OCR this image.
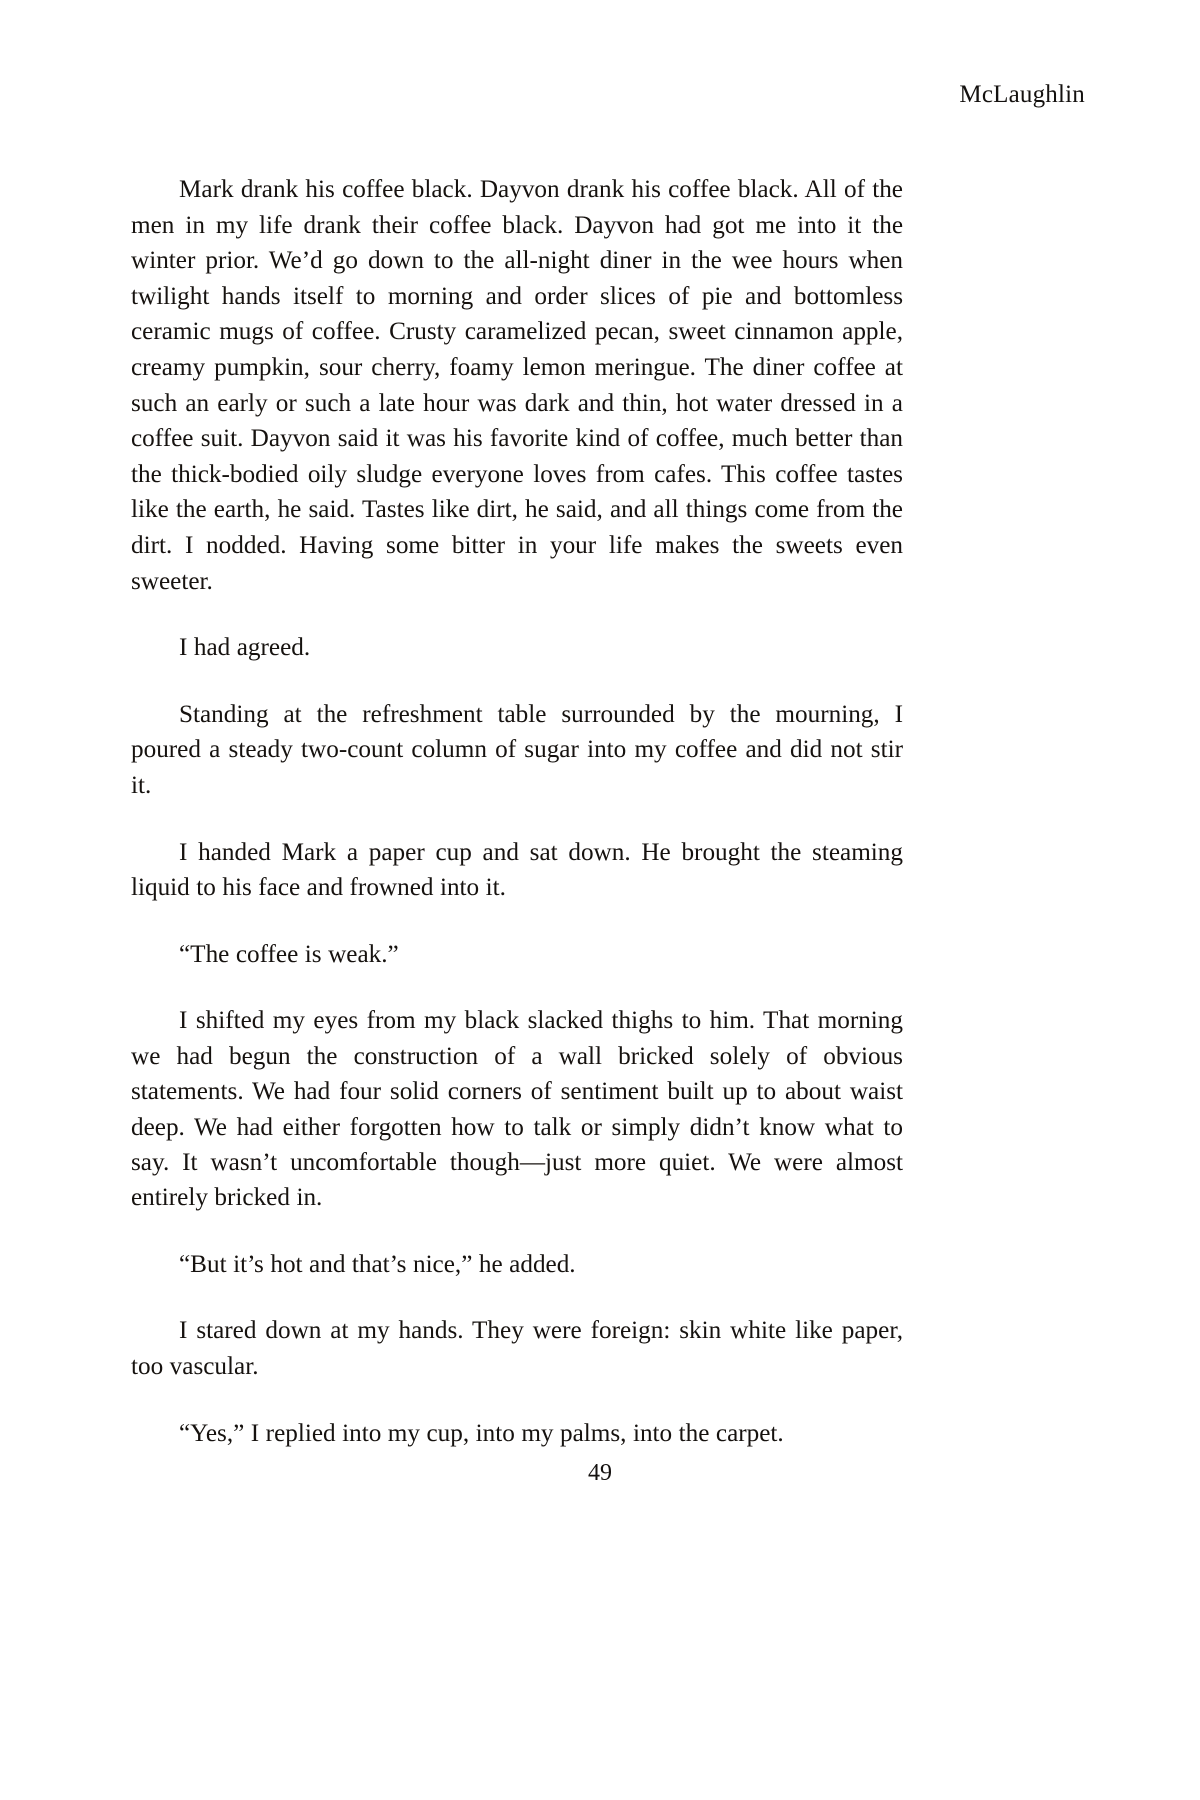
McLaughlin

Mark drank his coffee black. Dayvon drank his coffee black. All of the men in my life drank their coffee black. Dayvon had got me into it the winter prior. We’d go down to the all-night diner in the wee hours when twilight hands itself to morning and order slices of pie and bottomless ceramic mugs of coffee. Crusty caramelized pecan, sweet cinnamon apple, creamy pumpkin, sour cherry, foamy lemon meringue. The diner coffee at such an early or such a late hour was dark and thin, hot water dressed in a coffee suit. Dayvon said it was his favorite kind of coffee, much better than the thick-bodied oily sludge everyone loves from cafes. This coffee tastes like the earth, he said. Tastes like dirt, he said, and all things come from the dirt. I nodded. Having some bitter in your life makes the sweets even sweeter.

I had agreed.

Standing at the refreshment table surrounded by the mourning, I poured a steady two-count column of sugar into my coffee and did not stir it.

I handed Mark a paper cup and sat down. He brought the steaming liquid to his face and frowned into it.

“The coffee is weak.”

I shifted my eyes from my black slacked thighs to him. That morning we had begun the construction of a wall bricked solely of obvious statements. We had four solid corners of sentiment built up to about waist deep. We had either forgotten how to talk or simply didn’t know what to say. It wasn’t uncomfortable though—just more quiet. We were almost entirely bricked in.

“But it’s hot and that’s nice,” he added.

I stared down at my hands. They were foreign: skin white like paper, too vascular.

“Yes,” I replied into my cup, into my palms, into the carpet.

49
